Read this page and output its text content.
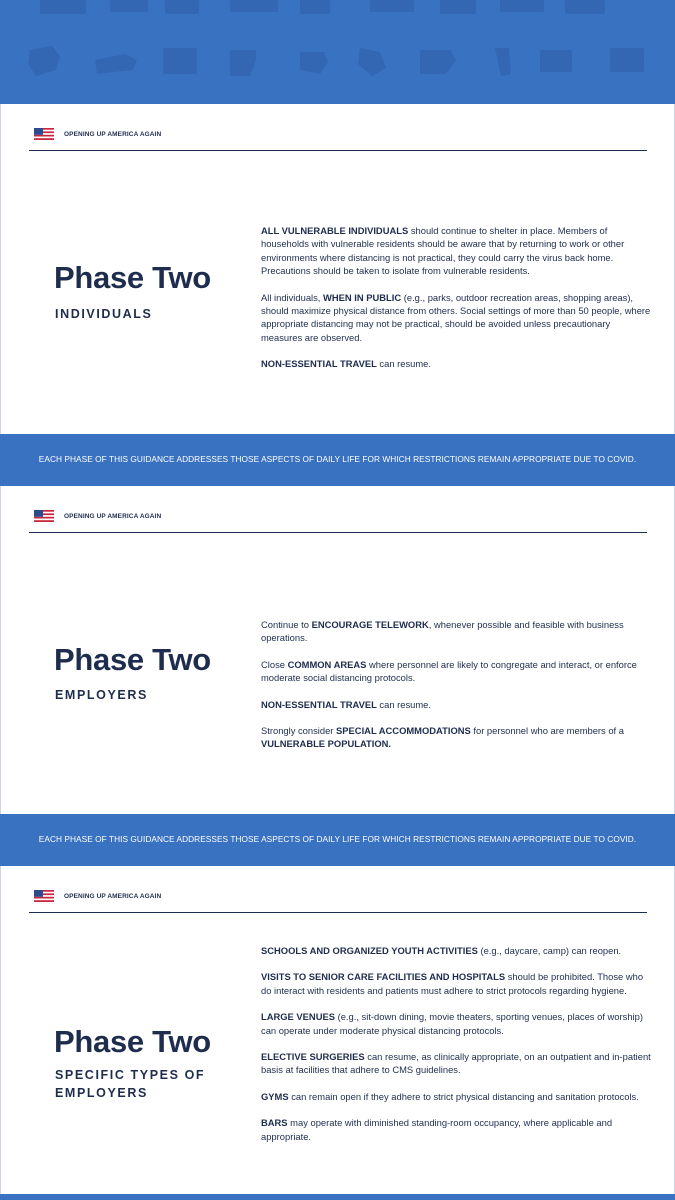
OPENING UP AMERICA AGAIN
Phase Two
INDIVIDUALS

ALL VULNERABLE INDIVIDUALS should continue to shelter in place. Members of households with vulnerable residents should be aware that by returning to work or other environments where distancing is not practical, they could carry the virus back home. Precautions should be taken to isolate from vulnerable residents.

All individuals, WHEN IN PUBLIC (e.g., parks, outdoor recreation areas, shopping areas), should maximize physical distance from others. Social settings of more than 50 people, where appropriate distancing may not be practical, should be avoided unless precautionary measures are observed.

NON-ESSENTIAL TRAVEL can resume.

EACH PHASE OF THIS GUIDANCE ADDRESSES THOSE ASPECTS OF DAILY LIFE FOR WHICH RESTRICTIONS REMAIN APPROPRIATE DUE TO COVID.
OPENING UP AMERICA AGAIN
Phase Two
EMPLOYERS

Continue to ENCOURAGE TELEWORK, whenever possible and feasible with business operations.

Close COMMON AREAS where personnel are likely to congregate and interact, or enforce moderate social distancing protocols.

NON-ESSENTIAL TRAVEL can resume.

Strongly consider SPECIAL ACCOMMODATIONS for personnel who are members of a VULNERABLE POPULATION.

EACH PHASE OF THIS GUIDANCE ADDRESSES THOSE ASPECTS OF DAILY LIFE FOR WHICH RESTRICTIONS REMAIN APPROPRIATE DUE TO COVID.
OPENING UP AMERICA AGAIN
Phase Two
SPECIFIC TYPES OF EMPLOYERS

SCHOOLS AND ORGANIZED YOUTH ACTIVITIES (e.g., daycare, camp) can reopen.

VISITS TO SENIOR CARE FACILITIES AND HOSPITALS should be prohibited. Those who do interact with residents and patients must adhere to strict protocols regarding hygiene.

LARGE VENUES (e.g., sit-down dining, movie theaters, sporting venues, places of worship) can operate under moderate physical distancing protocols.

ELECTIVE SURGERIES can resume, as clinically appropriate, on an outpatient and in-patient basis at facilities that adhere to CMS guidelines.

GYMS can remain open if they adhere to strict physical distancing and sanitation protocols.

BARS may operate with diminished standing-room occupancy, where applicable and appropriate.
